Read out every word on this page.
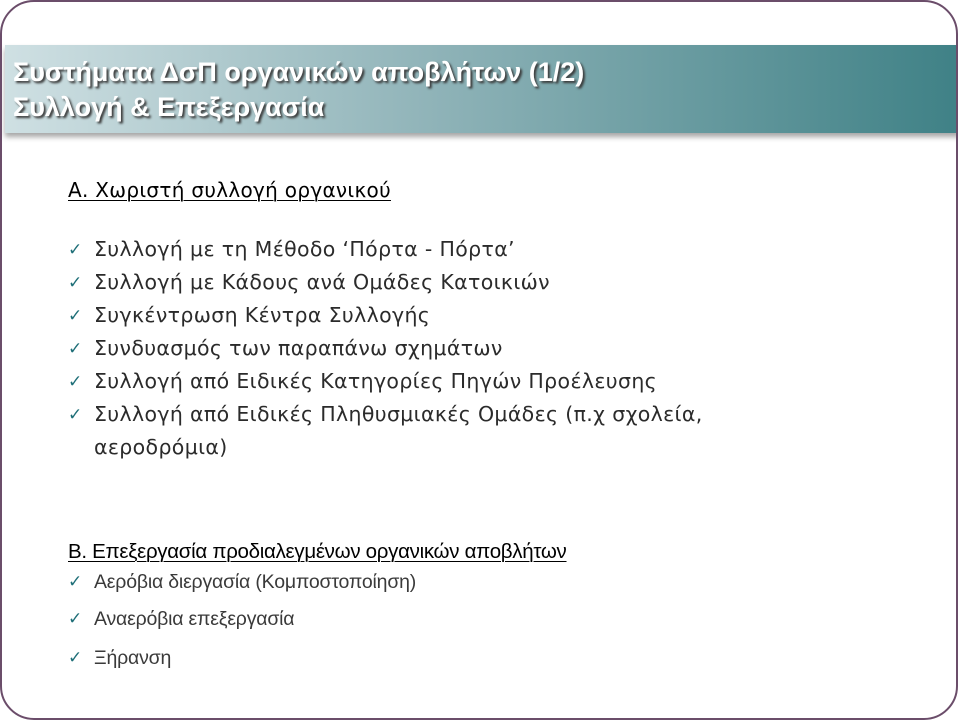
Συστήματα ΔσΠ οργανικών αποβλήτων (1/2)
Συλλογή & Επεξεργασία
Α. Χωριστή συλλογή οργανικού
✓ Συλλογή με τη Μέθοδο ‘Πόρτα - Πόρτα’
✓ Συλλογή με Κάδους ανά Ομάδες Κατοικιών
✓ Συγκέντρωση Κέντρα Συλλογής
✓ Συνδυασμός των παραπάνω σχημάτων
✓ Συλλογή από Ειδικές Κατηγορίες Πηγών Προέλευσης
✓ Συλλογή από Ειδικές Πληθυσμιακές Ομάδες (π.χ σχολεία,
αεροδρόμια)
Β. Επεξεργασία προδιαλεγμένων οργανικών αποβλήτων
✓ Αερόβια διεργασία (Κομποστοποίηση)
✓ Αναερόβια επεξεργασία
✓ Ξήρανση
